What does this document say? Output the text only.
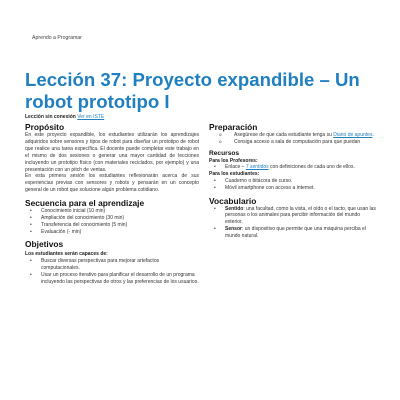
Aprendo a Programar
Lección 37: Proyecto expandible – Un robot prototipo I
Lección sin conexión Ver en ISTE
Propósito

En este proyecto expandible, los estudiantes utilizarán los aprendizajes adquiridos sobre sensores y tipos de robot para diseñar un prototipo de robot que realice una tarea específica. El docente puede completar este trabajo en el mismo de dos sesiones o generar una mayor cantidad de lecciones incluyendo un prototipo físico (con materiales reciclados, por ejemplo) y una presentación con un pitch de ventas.

En esta primera sesión los estudiantes reflexionarán acerca de sus experiencias previas con sensores y robots y pensarán en un concepto general de un robot que solucione algún problema cotidiano.

Secuencia para el aprendizaje
• Conocimiento inicial (10 min)
• Ampliación del conocimiento (30 min)
• Transferencia del conocimiento (5 min)
• Evaluación (- min)
Objetivos
Los estudiantes serán capaces de:
• Buscar diversas perspectivas para mejorar artefactos computacionales.
• Usar un proceso iterativo para planificar el desarrollo de un programa incluyendo las perspectivas de otros y las preferencias de los usuarios.
Preparación
o Asegúrese de que cada estudiante tenga su Diario de apuntes.
o Consiga acceso a sala de computación para que puedan
Recursos
Para los Profesores:
• Enlace – 7 sentidos con definiciones de cada uno de ellos.
Para los estudiantes:
• Cuaderno o bitácora de curso.
• Móvil smartphone con acceso a internet.
Vocabulario
• Sentido: una facultad, como la vista, el oído o el tacto, que usan las personas o los animales para percibir información del mundo exterior.
• Sensor: un dispositivo que permite que una máquina perciba el mundo natural.
